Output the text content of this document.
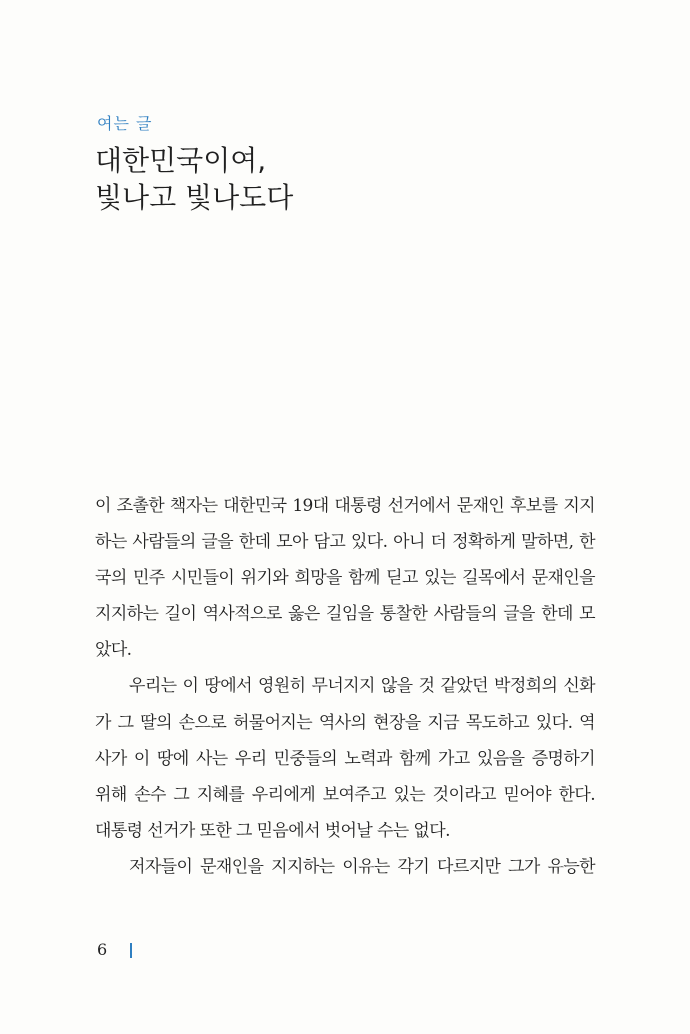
여는 글
대한민국이여,
빛나고 빛나도다
이 조촐한 책자는 대한민국 19대 대통령 선거에서 문재인 후보를 지지
하는 사람들의 글을 한데 모아 담고 있다. 아니 더 정확하게 말하면, 한
국의 민주 시민들이 위기와 희망을 함께 딛고 있는 길목에서 문재인을
지지하는 길이 역사적으로 옳은 길임을 통찰한 사람들의 글을 한데 모
았다.
우리는 이 땅에서 영원히 무너지지 않을 것 같았던 박정희의 신화
가 그 딸의 손으로 허물어지는 역사의 현장을 지금 목도하고 있다. 역
사가 이 땅에 사는 우리 민중들의 노력과 함께 가고 있음을 증명하기
위해 손수 그 지혜를 우리에게 보여주고 있는 것이라고 믿어야 한다.
대통령 선거가 또한 그 믿음에서 벗어날 수는 없다.
저자들이 문재인을 지지하는 이유는 각기 다르지만 그가 유능한
6
